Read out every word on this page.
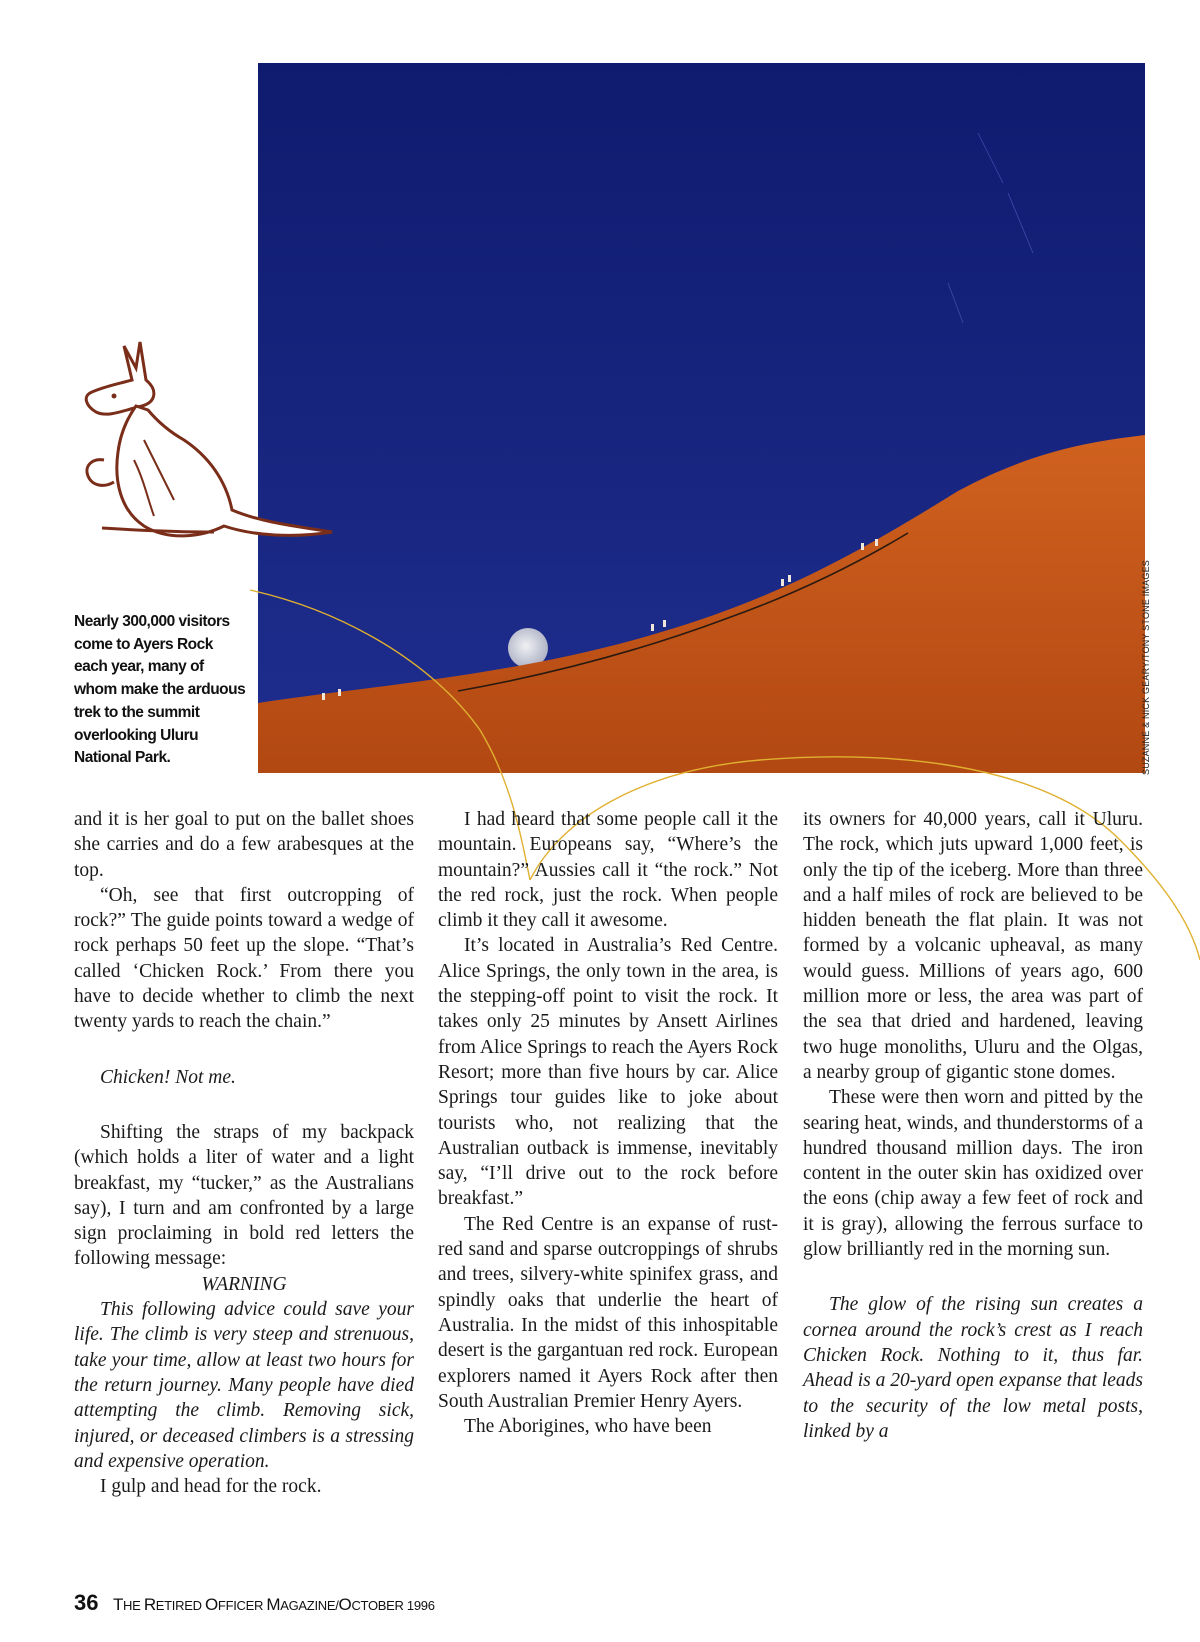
SUZANNE & NICK GEARY/TONY STONE IMAGES
Nearly 300,000 visitors come to Ayers Rock each year, many of whom make the arduous trek to the summit overlooking Uluru National Park.

and it is her goal to put on the ballet shoes she carries and do a few arabesques at the top.

“Oh, see that first outcropping of rock?” The guide points toward a wedge of rock perhaps 50 feet up the slope. “That’s called ‘Chicken Rock.’ From there you have to decide whether to climb the next twenty yards to reach the chain.”

Chicken! Not me.

Shifting the straps of my backpack (which holds a liter of water and a light breakfast, my “tucker,” as the Australians say), I turn and am confronted by a large sign proclaiming in bold red letters the following message:

WARNING

This following advice could save your life. The climb is very steep and strenuous, take your time, allow at least two hours for the return journey. Many people have died attempting the climb. Removing sick, injured, or deceased climbers is a stressing and expensive operation.

I gulp and head for the rock.

I had heard that some people call it the mountain. Europeans say, “Where’s the mountain?” Aussies call it “the rock.” Not the red rock, just the rock. When people climb it they call it awesome.

It’s located in Australia’s Red Centre. Alice Springs, the only town in the area, is the stepping-off point to visit the rock. It takes only 25 minutes by Ansett Airlines from Alice Springs to reach the Ayers Rock Resort; more than five hours by car. Alice Springs tour guides like to joke about tourists who, not realizing that the Australian outback is immense, inevitably say, “I’ll drive out to the rock before breakfast.”

The Red Centre is an expanse of rust-red sand and sparse outcroppings of shrubs and trees, silvery-white spinifex grass, and spindly oaks that underlie the heart of Australia. In the midst of this inhospitable desert is the gargantuan red rock. European explorers named it Ayers Rock after then South Australian Premier Henry Ayers.

The Aborigines, who have been

its owners for 40,000 years, call it Uluru. The rock, which juts upward 1,000 feet, is only the tip of the iceberg. More than three and a half miles of rock are believed to be hidden beneath the flat plain. It was not formed by a volcanic upheaval, as many would guess. Millions of years ago, 600 million more or less, the area was part of the sea that dried and hardened, leaving two huge monoliths, Uluru and the Olgas, a nearby group of gigantic stone domes.

These were then worn and pitted by the searing heat, winds, and thunderstorms of a hundred thousand million days. The iron content in the outer skin has oxidized over the eons (chip away a few feet of rock and it is gray), allowing the ferrous surface to glow brilliantly red in the morning sun.

The glow of the rising sun creates a cornea around the rock’s crest as I reach Chicken Rock. Nothing to it, thus far. Ahead is a 20-yard open expanse that leads to the security of the low metal posts, linked by a

36 THE RETIRED OFFICER MAGAZINE/OCTOBER 1996
